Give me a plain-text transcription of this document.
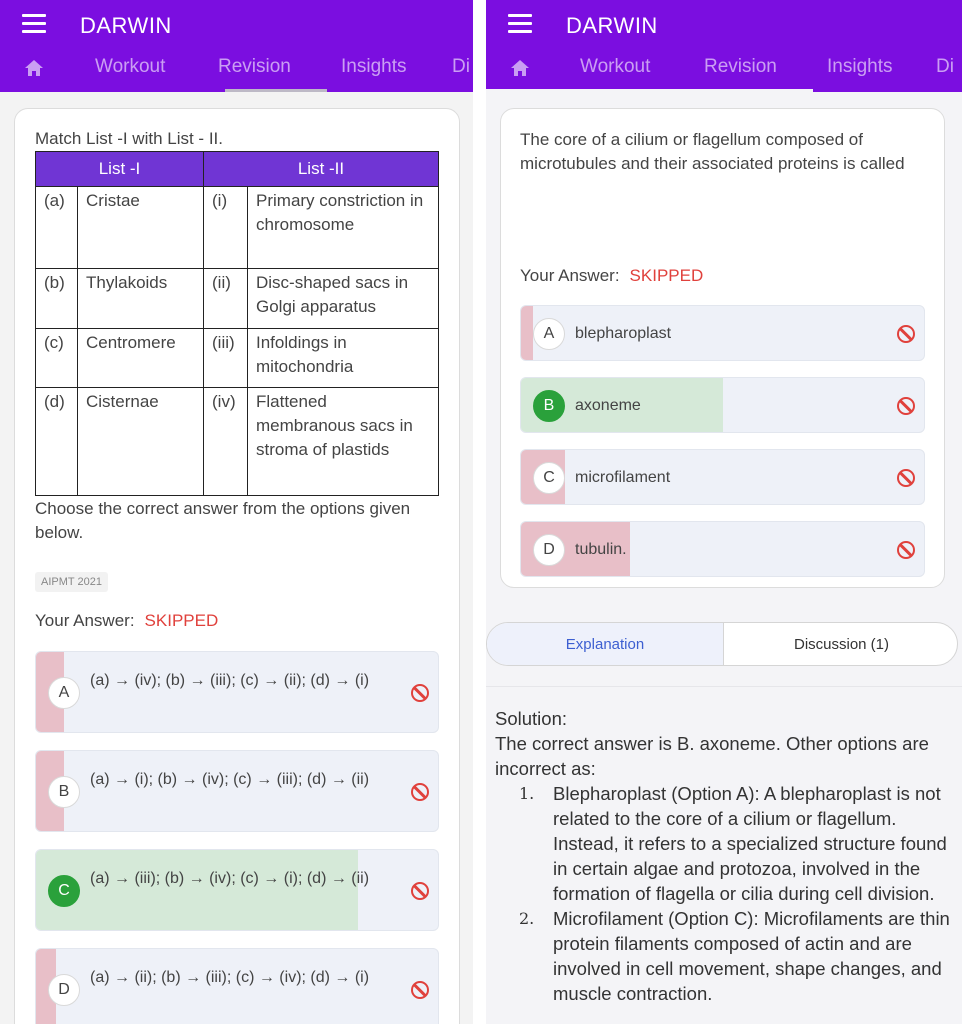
DARWIN
Workout	Revision	Insights Di
Match List -I with List - II.
List -I		List -II	
(a)	Cristae	(i)	Primary constriction in chromosome
(b)	Thylakoids	(ii)	Disc-shaped sacs in Golgi apparatus
(c)	Centromere	(iii)	Infoldings in mitochondria
(d)	Cisternae	(iv)	Flattened membranous sacs in stroma of plastids
Choose the correct answer from the options given below.
AIPMT 2021
Your Answer: SKIPPED
A
(a) → (iv); (b) → (iii); (c) → (ii); (d) → (i)
B
(a) → (i); (b) → (iv); (c) → (iii); (d) → (ii)
C
(a) → (iii); (b) → (iv); (c) → (i); (d) → (ii)
D
(a) → (ii); (b) → (iii); (c) → (iv); (d) → (i)
DARWIN
Workout	Revision	Insights Di
The core of a cilium or flagellum composed of microtubules and their associated proteins is called
Your Answer: SKIPPED
A	blepharoplast
B	axoneme
C	microfilament
D	tubulin.
Explanation	Discussion (1)
Solution:
The correct answer is B. axoneme. Other options are incorrect as:
1. Blepharoplast (Option A): A blepharoplast is not related to the core of a cilium or flagellum. Instead, it refers to a specialized structure found in certain algae and protozoa, involved in the formation of flagella or cilia during cell division.
2. Microfilament (Option C): Microfilaments are thin protein filaments composed of actin and are involved in cell movement, shape changes, and muscle contraction.
